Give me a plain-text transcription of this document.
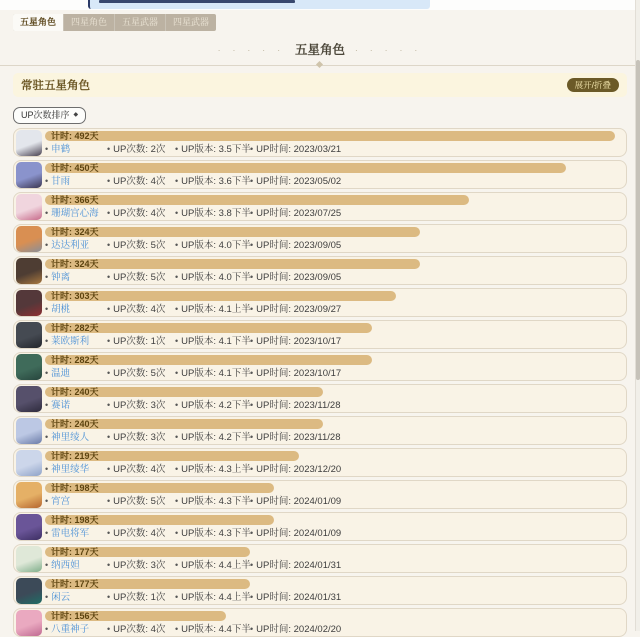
五星角色	四星角色	五星武器	四星武器
· · · · · 五星角色 · · · · ·
常驻五星角色	展开/折叠
UP次数排序 ◆
计时: 492天
• 申鹤	• UP次数: 2次 • UP版本: 3.5下半 • UP时间: 2023/03/21
计时: 450天
• 甘雨	• UP次数: 4次 • UP版本: 3.6下半 • UP时间: 2023/05/02
计时: 366天
• 珊瑚宫心海 • UP次数: 4次 • UP版本: 3.8下半 • UP时间: 2023/07/25
计时: 324天
• 达达利亚 • UP次数: 5次 • UP版本: 4.0下半 • UP时间: 2023/09/05
计时: 324天
• 钟离	• UP次数: 5次 • UP版本: 4.0下半 • UP时间: 2023/09/05
计时: 303天
• 胡桃	• UP次数: 4次 • UP版本: 4.1上半 • UP时间: 2023/09/27
计时: 282天
• 莱欧斯利 • UP次数: 1次 • UP版本: 4.1下半 • UP时间: 2023/10/17
计时: 282天
• 温迪	• UP次数: 5次 • UP版本: 4.1下半 • UP时间: 2023/10/17
计时: 240天
• 赛诺	• UP次数: 3次 • UP版本: 4.2下半 • UP时间: 2023/11/28
计时: 240天
• 神里绫人 • UP次数: 3次 • UP版本: 4.2下半 • UP时间: 2023/11/28
计时: 219天
• 神里绫华 • UP次数: 4次 • UP版本: 4.3上半 • UP时间: 2023/12/20
计时: 198天
• 宵宫	• UP次数: 5次 • UP版本: 4.3下半 • UP时间: 2024/01/09
计时: 198天
• 雷电将军 • UP次数: 4次 • UP版本: 4.3下半 • UP时间: 2024/01/09
计时: 177天
• 纳西妲	• UP次数: 3次 • UP版本: 4.4上半 • UP时间: 2024/01/31
计时: 177天
• 闲云	• UP次数: 1次 • UP版本: 4.4上半 • UP时间: 2024/01/31
计时: 156天
• 八重神子 • UP次数: 4次 • UP版本: 4.4下半 • UP时间: 2024/02/20
